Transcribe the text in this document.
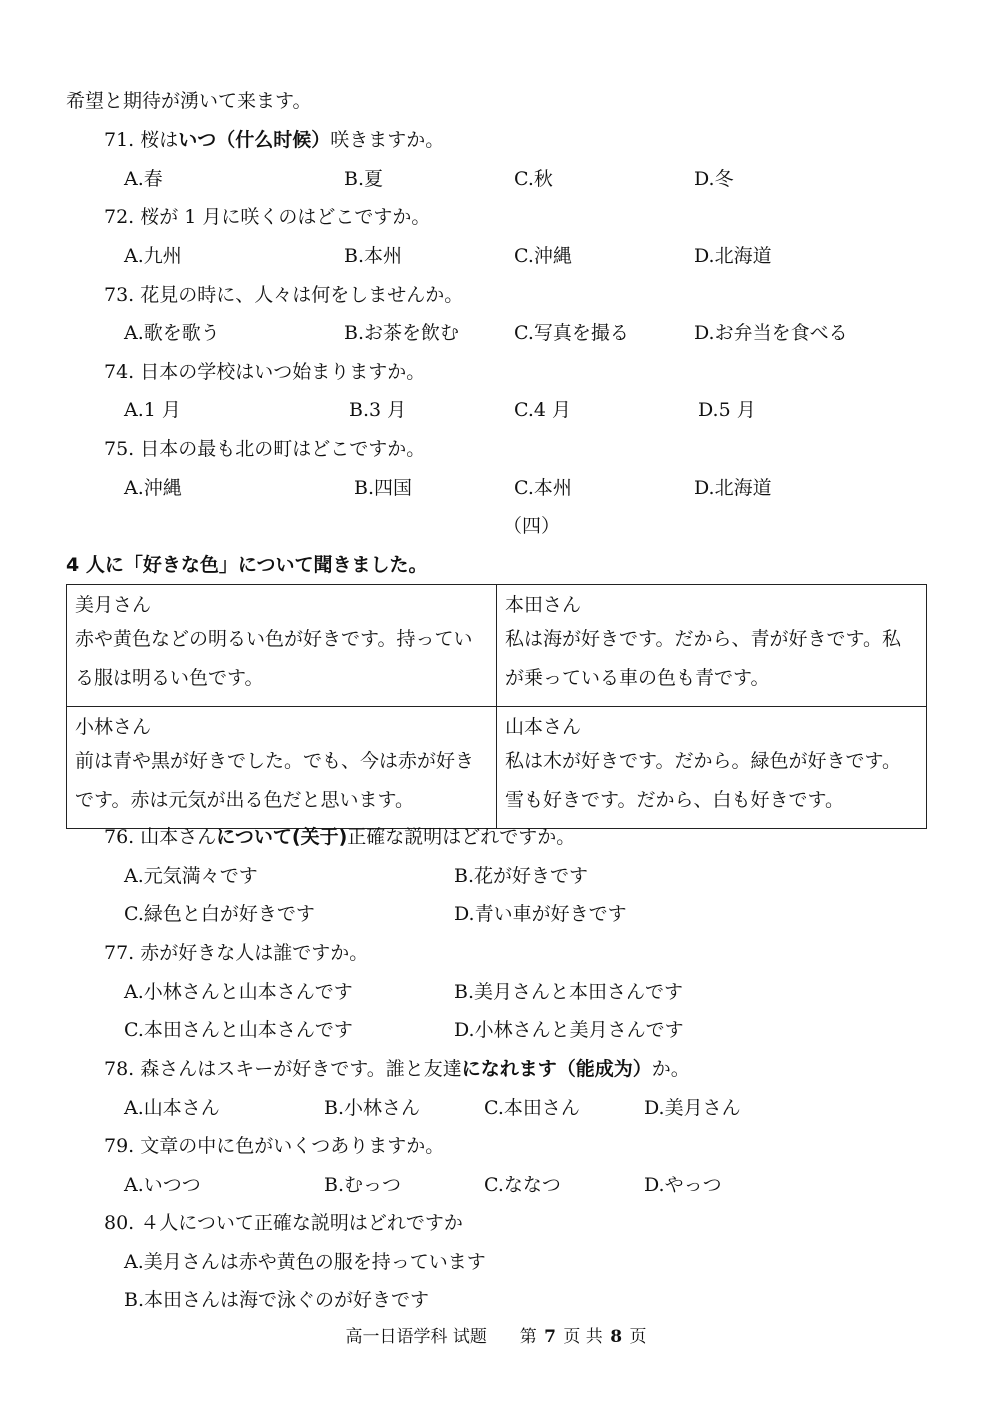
希望と期待が湧いて来ます。
71. 桜はいつ（什么时候）咲きますか。
A.春	B.夏	C.秋	D.冬
72. 桜が 1 月に咲くのはどこですか。
A.九州	B.本州	C.沖縄	D.北海道
73. 花見の時に、人々は何をしませんか。
A.歌を歌う	B.お茶を飲む	C.写真を撮る	D.お弁当を食べる
74. 日本の学校はいつ始まりますか。
A.1 月	B.3 月	C.4 月	D.5 月
75. 日本の最も北の町はどこですか。
A.沖縄	B.四国	C.本州	D.北海道
（四）
4 人に「好きな色」について聞きました。
美月さん
赤や黄色などの明るい色が好きです。持っている服は明るい色です。	本田さん
私は海が好きです。だから、青が好きです。私が乗っている車の色も青です。

小林さん
前は青や黒が好きでした。でも、今は赤が好きです。赤は元気が出る色だと思います。	山本さん
私は木が好きです。だから。緑色が好きです。雪も好きです。だから、白も好きです。
76. 山本さんについて(关于)正確な説明はどれですか。
A.元気満々です	B.花が好きです
C.緑色と白が好きです	D.青い車が好きです
77. 赤が好きな人は誰ですか。
A.小林さんと山本さんです	B.美月さんと本田さんです
C.本田さんと山本さんです	D.小林さんと美月さんです
78. 森さんはスキーが好きです。誰と友達になれます（能成为）か。
A.山本さん	B.小林さん	C.本田さん	D.美月さん
79. 文章の中に色がいくつありますか。
A.いつつ	B.むっつ	C.ななつ	D.やっつ
80. ４人について正確な説明はどれですか
A.美月さんは赤や黄色の服を持っています
B.本田さんは海で泳ぐのが好きです
高一日语学科 试题 第 7 页 共 8 页
